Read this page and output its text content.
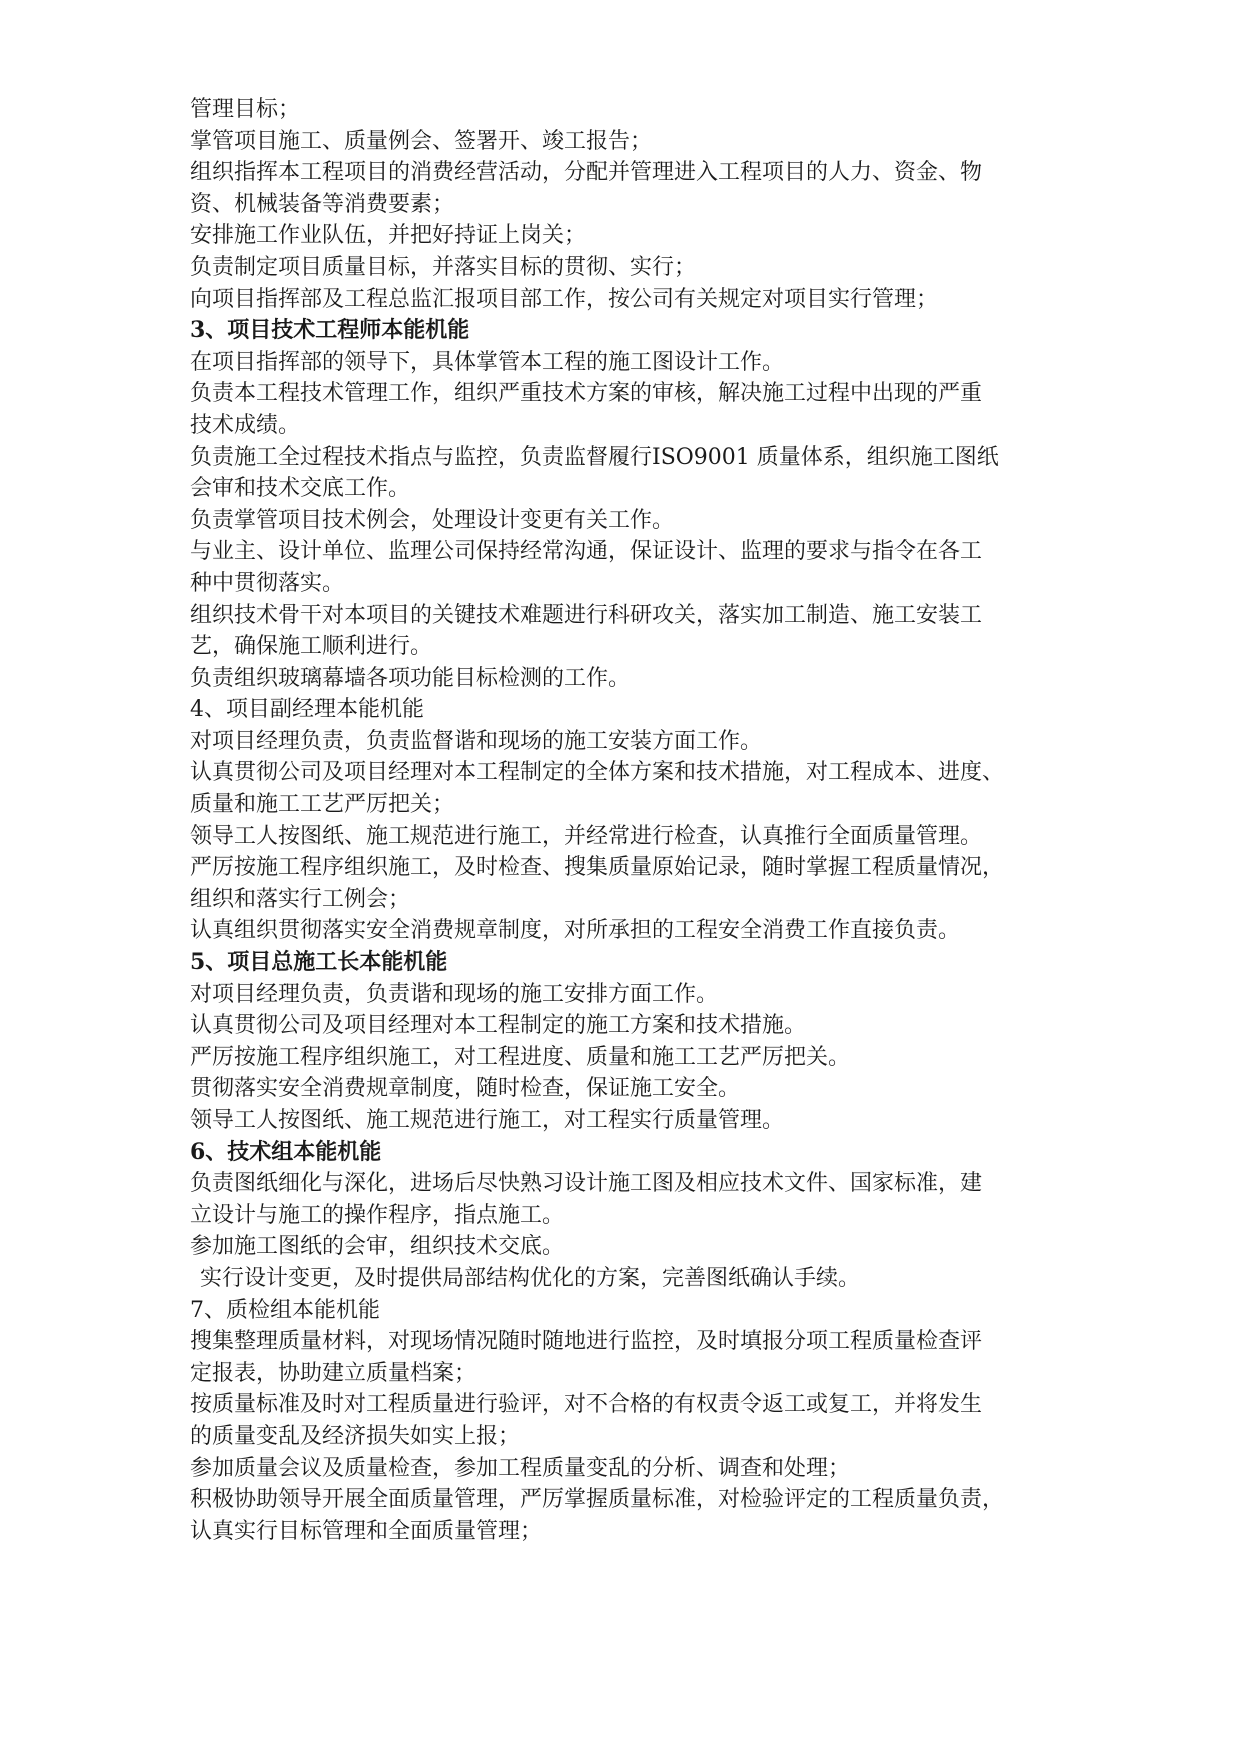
管理目标；
掌管项目施工、质量例会、签署开、竣工报告；
组织指挥本工程项目的消费经营活动，分配并管理进入工程项目的人力、资金、物
资、机械装备等消费要素；
安排施工作业队伍，并把好持证上岗关；
负责制定项目质量目标，并落实目标的贯彻、实行；
向项目指挥部及工程总监汇报项目部工作，按公司有关规定对项目实行管理；
3、项目技术工程师本能机能
在项目指挥部的领导下，具体掌管本工程的施工图设计工作。
负责本工程技术管理工作，组织严重技术方案的审核，解决施工过程中出现的严重
技术成绩。
负责施工全过程技术指点与监控，负责监督履行ISO9001 质量体系，组织施工图纸
会审和技术交底工作。
负责掌管项目技术例会，处理设计变更有关工作。
与业主、设计单位、监理公司保持经常沟通，保证设计、监理的要求与指令在各工
种中贯彻落实。
组织技术骨干对本项目的关键技术难题进行科研攻关，落实加工制造、施工安装工
艺，确保施工顺利进行。
负责组织玻璃幕墙各项功能目标检测的工作。
4、项目副经理本能机能
对项目经理负责，负责监督谐和现场的施工安装方面工作。
认真贯彻公司及项目经理对本工程制定的全体方案和技术措施，对工程成本、进度、
质量和施工工艺严厉把关；
领导工人按图纸、施工规范进行施工，并经常进行检查，认真推行全面质量管理。
严厉按施工程序组织施工，及时检查、搜集质量原始记录，随时掌握工程质量情况，
组织和落实行工例会；
认真组织贯彻落实安全消费规章制度，对所承担的工程安全消费工作直接负责。
5、项目总施工长本能机能
对项目经理负责，负责谐和现场的施工安排方面工作。
认真贯彻公司及项目经理对本工程制定的施工方案和技术措施。
严厉按施工程序组织施工，对工程进度、质量和施工工艺严厉把关。
贯彻落实安全消费规章制度，随时检查，保证施工安全。
领导工人按图纸、施工规范进行施工，对工程实行质量管理。
6、技术组本能机能
负责图纸细化与深化，进场后尽快熟习设计施工图及相应技术文件、国家标准，建
立设计与施工的操作程序，指点施工。
参加施工图纸的会审，组织技术交底。
实行设计变更，及时提供局部结构优化的方案，完善图纸确认手续。
7、质检组本能机能
搜集整理质量材料，对现场情况随时随地进行监控，及时填报分项工程质量检查评
定报表，协助建立质量档案；
按质量标准及时对工程质量进行验评，对不合格的有权责令返工或复工，并将发生
的质量变乱及经济损失如实上报；
参加质量会议及质量检查，参加工程质量变乱的分析、调查和处理；
积极协助领导开展全面质量管理，严厉掌握质量标准，对检验评定的工程质量负责，
认真实行目标管理和全面质量管理；
